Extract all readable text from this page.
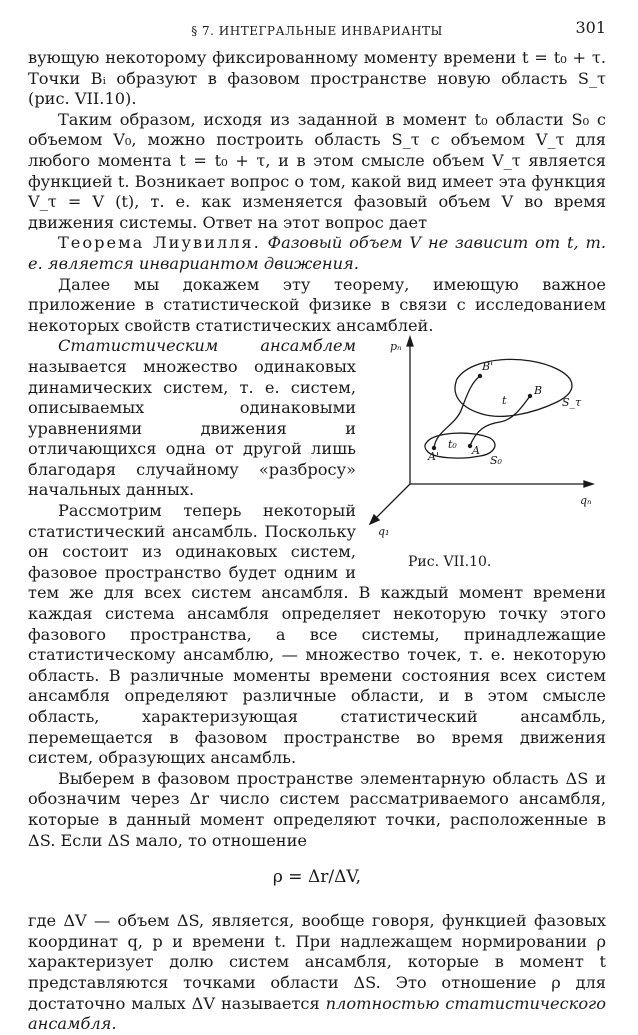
§ 7. ИНТЕГРАЛЬНЫЕ ИНВАРИАНТЫ	301

вующую некоторому фиксированному моменту времени t = t₀ + τ. Точки Bᵢ образуют в фазовом пространстве новую область S_τ (рис. VII.10).

Таким образом, исходя из заданной в момент t₀ области S₀ с объемом V₀, можно построить область S_τ с объемом V_τ для любого момента t = t₀ + τ, и в этом смысле объем V_τ является функцией t. Возникает вопрос о том, какой вид имеет эта функция V_τ = V (t), т. е. как изменяется фазовый объем V во время движения системы. Ответ на этот вопрос дает

Теорема Лиувилля. Фазовый объем V не зависит от t, т. е. является инвариантом движения.

Далее мы докажем эту теорему, имеющую важное приложение в статистической физике в связи с исследованием некоторых свойств статистических ансамблей.

pₙ
qₙ
q₁
B'
B
t	S_τ
A'
t₀ A
S₀
Рис. VII.10.

Статистическим ансамблем называется множество одинаковых динамических систем, т. е. систем, описываемых одинаковыми уравнениями движения и отличающихся одна от другой лишь благодаря случайному «разбросу» начальных данных.

Рассмотрим теперь некоторый статистический ансамбль. Поскольку он состоит из одинаковых систем, фазовое пространство будет одним и тем же для всех систем ансамбля. В каждый момент времени каждая система ансамбля определяет некоторую точку этого фазового пространства, а все системы, принадлежащие статистическому ансамблю, — множество точек, т. е. некоторую область. В различные моменты времени состояния всех систем ансамбля определяют различные области, и в этом смысле область, характеризующая статистический ансамбль, перемещается в фазовом пространстве во время движения систем, образующих ансамбль.

Выберем в фазовом пространстве элементарную область ΔS и обозначим через Δr число систем рассматриваемого ансамбля, которые в данный момент определяют точки, расположенные в ΔS. Если ΔS мало, то отношение

ρ = Δr/ΔV,

где ΔV — объем ΔS, является, вообще говоря, функцией фазовых координат q, p и времени t. При надлежащем нормировании ρ характеризует долю систем ансамбля, которые в момент t представляются точками области ΔS. Это отношение ρ для достаточно малых ΔV называется плотностью статистического ансамбля.
